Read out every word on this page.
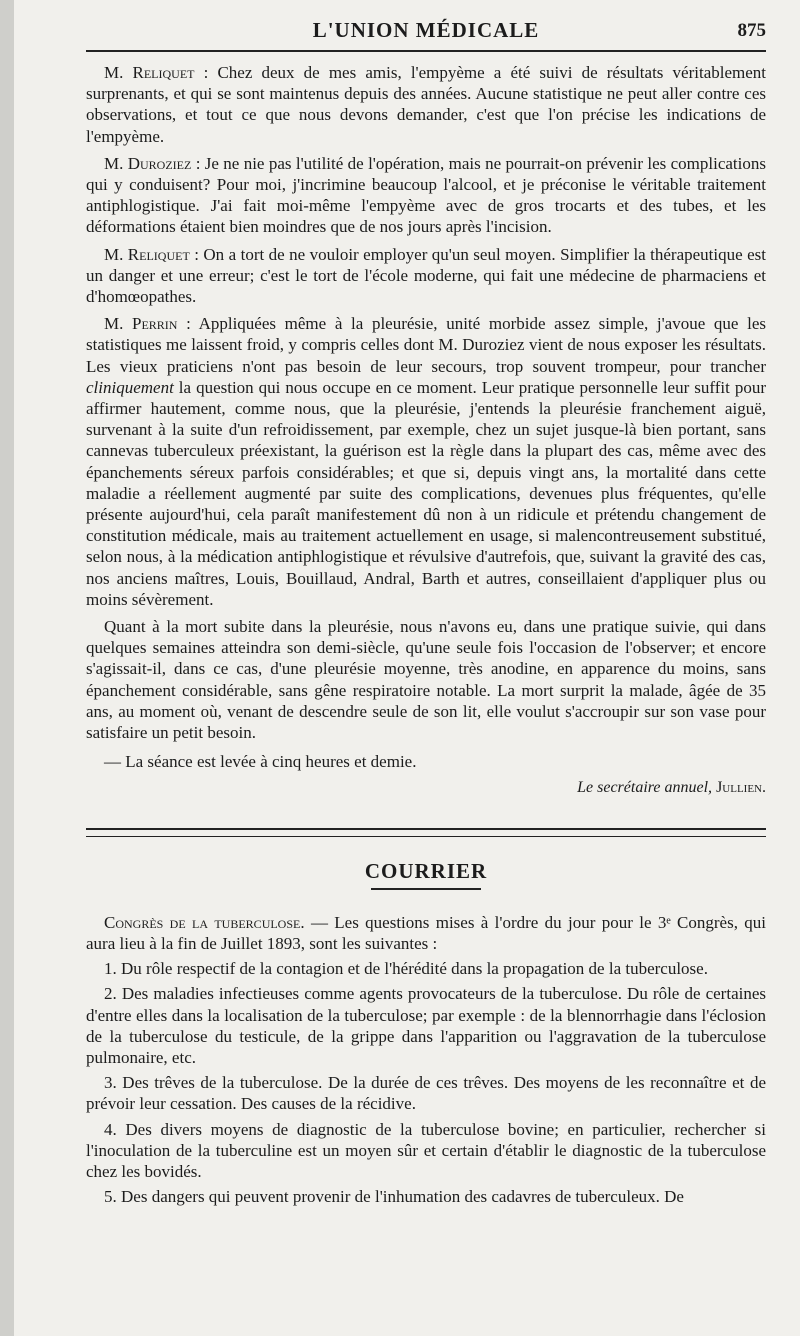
L'UNION MÉDICALE	875

M. Reliquet : Chez deux de mes amis, l'empyème a été suivi de résultats véritablement surprenants, et qui se sont maintenus depuis des années. Aucune statistique ne peut aller contre ces observations, et tout ce que nous devons demander, c'est que l'on précise les indications de l'empyème.

M. Duroziez : Je ne nie pas l'utilité de l'opération, mais ne pourrait-on prévenir les complications qui y conduisent? Pour moi, j'incrimine beaucoup l'alcool, et je préconise le véritable traitement antiphlogistique. J'ai fait moi-même l'empyème avec de gros trocarts et des tubes, et les déformations étaient bien moindres que de nos jours après l'incision.

M. Reliquet : On a tort de ne vouloir employer qu'un seul moyen. Simplifier la thérapeutique est un danger et une erreur; c'est le tort de l'école moderne, qui fait une médecine de pharmaciens et d'homœopathes.

M. Perrin : Appliquées même à la pleurésie, unité morbide assez simple, j'avoue que les statistiques me laissent froid, y compris celles dont M. Duroziez vient de nous exposer les résultats. Les vieux praticiens n'ont pas besoin de leur secours, trop souvent trompeur, pour trancher cliniquement la question qui nous occupe en ce moment. Leur pratique personnelle leur suffit pour affirmer hautement, comme nous, que la pleurésie, j'entends la pleurésie franchement aiguë, survenant à la suite d'un refroidissement, par exemple, chez un sujet jusque-là bien portant, sans cannevas tuberculeux préexistant, la guérison est la règle dans la plupart des cas, même avec des épanchements séreux parfois considérables; et que si, depuis vingt ans, la mortalité dans cette maladie a réellement augmenté par suite des complications, devenues plus fréquentes, qu'elle présente aujourd'hui, cela paraît manifestement dû non à un ridicule et prétendu changement de constitution médicale, mais au traitement actuellement en usage, si malencontreusement substitué, selon nous, à la médication antiphlogistique et révulsive d'autrefois, que, suivant la gravité des cas, nos anciens maîtres, Louis, Bouillaud, Andral, Barth et autres, conseillaient d'appliquer plus ou moins sévèrement.

Quant à la mort subite dans la pleurésie, nous n'avons eu, dans une pratique suivie, qui dans quelques semaines atteindra son demi-siècle, qu'une seule fois l'occasion de l'observer; et encore s'agissait-il, dans ce cas, d'une pleurésie moyenne, très anodine, en apparence du moins, sans épanchement considérable, sans gêne respiratoire notable. La mort surprit la malade, âgée de 35 ans, au moment où, venant de descendre seule de son lit, elle voulut s'accroupir sur son vase pour satisfaire un petit besoin.

— La séance est levée à cinq heures et demie.

Le secrétaire annuel, Jullien.

COURRIER

Congrès de la tuberculose. — Les questions mises à l'ordre du jour pour le 3ᵉ Congrès, qui aura lieu à la fin de Juillet 1893, sont les suivantes :

1. Du rôle respectif de la contagion et de l'hérédité dans la propagation de la tuberculose.
2. Des maladies infectieuses comme agents provocateurs de la tuberculose. Du rôle de certaines d'entre elles dans la localisation de la tuberculose; par exemple : de la blennorrhagie dans l'éclosion de la tuberculose du testicule, de la grippe dans l'apparition ou l'aggravation de la tuberculose pulmonaire, etc.
3. Des trêves de la tuberculose. De la durée de ces trêves. Des moyens de les reconnaître et de prévoir leur cessation. Des causes de la récidive.
4. Des divers moyens de diagnostic de la tuberculose bovine; en particulier, rechercher si l'inoculation de la tuberculine est un moyen sûr et certain d'établir le diagnostic de la tuberculose chez les bovidés.
5. Des dangers qui peuvent provenir de l'inhumation des cadavres de tuberculeux. De
